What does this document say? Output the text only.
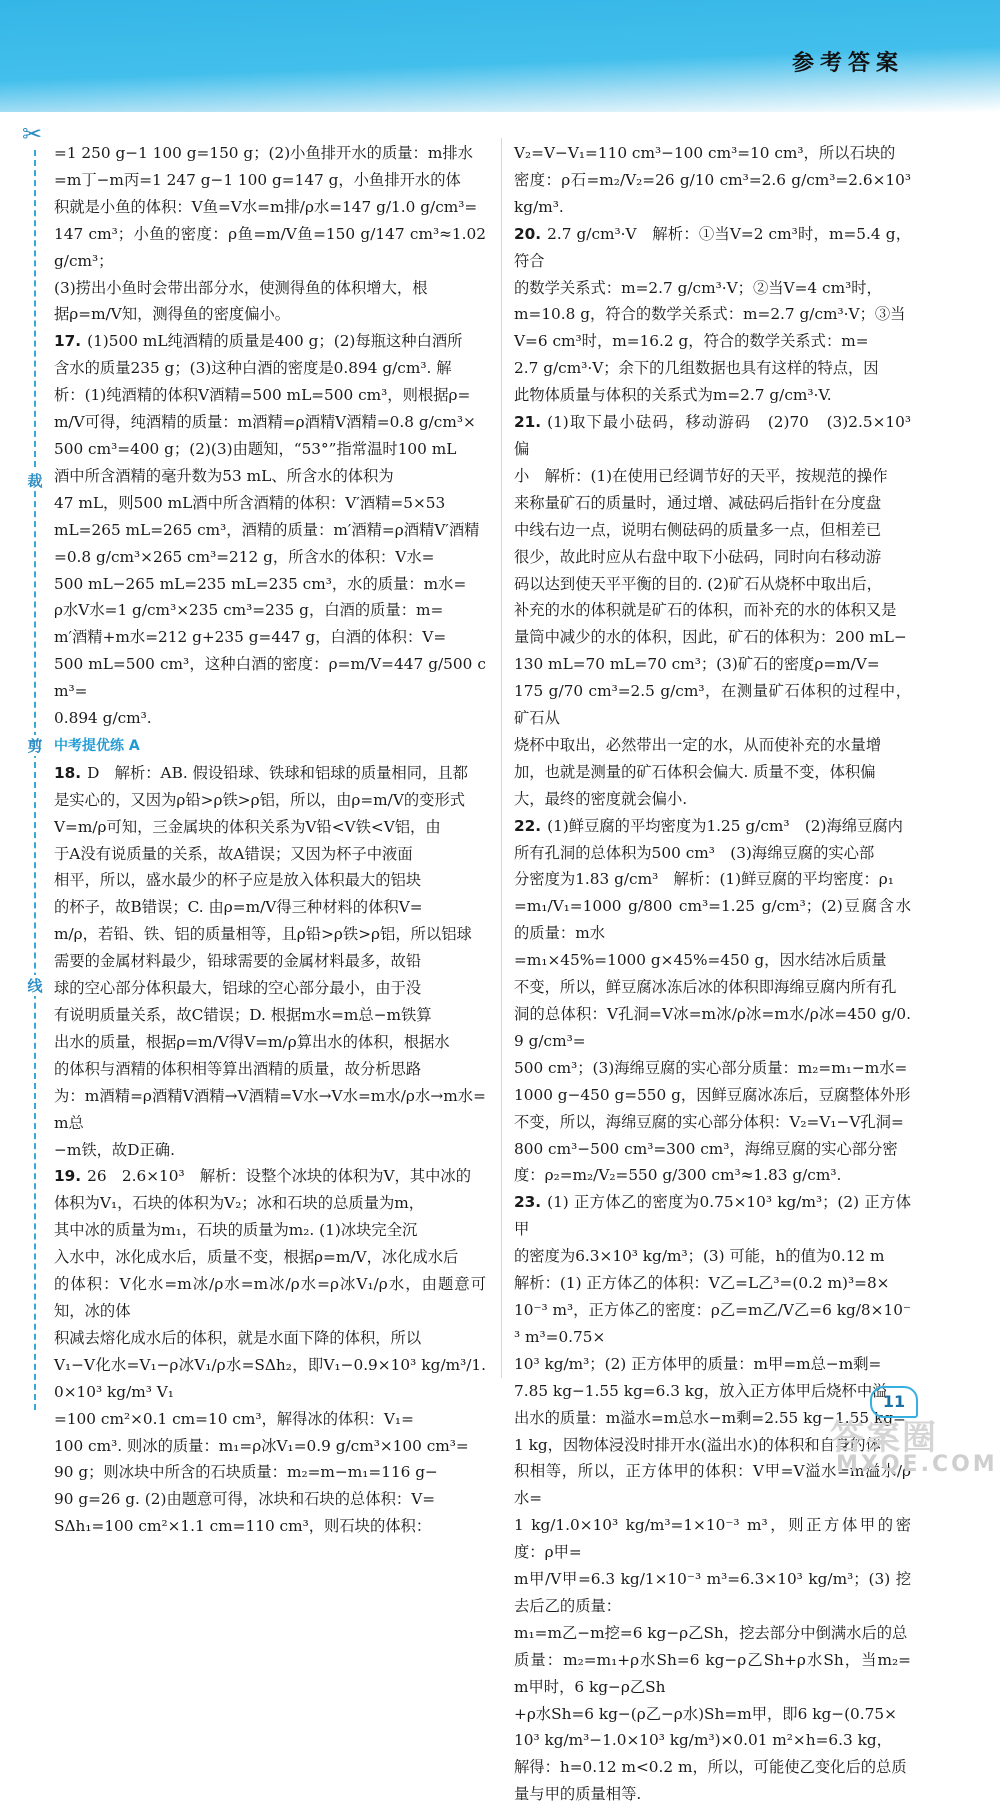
参考答案
✂
裁
剪
线

=1 250 g−1 100 g=150 g；(2)小鱼排开水的质量：m排水

=m丁−m丙=1 247 g−1 100 g=147 g，小鱼排开水的体

积就是小鱼的体积：V鱼=V水=m排/ρ水=147 g/1.0 g/cm³=

147 cm³；小鱼的密度：ρ鱼=m/V鱼=150 g/147 cm³≈1.02 g/cm³；

(3)捞出小鱼时会带出部分水，使测得鱼的体积增大，根

据ρ=m/V知，测得鱼的密度偏小。

17. (1)500 mL纯酒精的质量是400 g；(2)每瓶这种白酒所

含水的质量235 g；(3)这种白酒的密度是0.894 g/cm³. 解

析：(1)纯酒精的体积V酒精=500 mL=500 cm³，则根据ρ=

m/V可得，纯酒精的质量：m酒精=ρ酒精V酒精=0.8 g/cm³×

500 cm³=400 g；(2)(3)由题知，“53°”指常温时100 mL

酒中所含酒精的毫升数为53 mL、所含水的体积为

47 mL，则500 mL酒中所含酒精的体积：V′酒精=5×53

mL=265 mL=265 cm³，酒精的质量：m′酒精=ρ酒精V′酒精

=0.8 g/cm³×265 cm³=212 g，所含水的体积：V水=

500 mL−265 mL=235 mL=235 cm³，水的质量：m水=

ρ水V水=1 g/cm³×235 cm³=235 g，白酒的质量：m=

m′酒精+m水=212 g+235 g=447 g，白酒的体积：V=

500 mL=500 cm³，这种白酒的密度：ρ=m/V=447 g/500 cm³=

0.894 g/cm³.

中考提优练 A

18. D　解析：AB. 假设铅球、铁球和铝球的质量相同，且都

是实心的，又因为ρ铅>ρ铁>ρ铝，所以，由ρ=m/V的变形式

V=m/ρ可知，三金属块的体积关系为V铅<V铁<V铝，由

于A没有说质量的关系，故A错误；又因为杯子中液面

相平，所以，盛水最少的杯子应是放入体积最大的铝块

的杯子，故B错误；C. 由ρ=m/V得三种材料的体积V=

m/ρ，若铅、铁、铝的质量相等，且ρ铅>ρ铁>ρ铝，所以铝球

需要的金属材料最少，铅球需要的金属材料最多，故铅

球的空心部分体积最大，铝球的空心部分最小，由于没

有说明质量关系，故C错误；D. 根据m水=m总−m铁算

出水的质量，根据ρ=m/V得V=m/ρ算出水的体积，根据水

的体积与酒精的体积相等算出酒精的质量，故分析思路

为：m酒精=ρ酒精V酒精→V酒精=V水→V水=m水/ρ水→m水=m总

−m铁，故D正确.

19. 26　2.6×10³　解析：设整个冰块的体积为V，其中冰的

体积为V₁，石块的体积为V₂；冰和石块的总质量为m，

其中冰的质量为m₁，石块的质量为m₂. (1)冰块完全沉

入水中，冰化成水后，质量不变，根据ρ=m/V，冰化成水后

的体积：V化水=m冰/ρ水=m冰/ρ水=ρ冰V₁/ρ水，由题意可知，冰的体

积减去熔化成水后的体积，就是水面下降的体积，所以

V₁−V化水=V₁−ρ冰V₁/ρ水=SΔh₂，即V₁−0.9×10³ kg/m³/1.0×10³ kg/m³ V₁

=100 cm²×0.1 cm=10 cm³，解得冰的体积：V₁=

100 cm³. 则冰的质量：m₁=ρ冰V₁=0.9 g/cm³×100 cm³=

90 g；则冰块中所含的石块质量：m₂=m−m₁=116 g−

90 g=26 g. (2)由题意可得，冰块和石块的总体积：V=

SΔh₁=100 cm²×1.1 cm=110 cm³，则石块的体积：

V₂=V−V₁=110 cm³−100 cm³=10 cm³，所以石块的

密度：ρ石=m₂/V₂=26 g/10 cm³=2.6 g/cm³=2.6×10³ kg/m³.

20. 2.7 g/cm³·V　解析：①当V=2 cm³时，m=5.4 g，符合

的数学关系式：m=2.7 g/cm³·V；②当V=4 cm³时，

m=10.8 g，符合的数学关系式：m=2.7 g/cm³·V；③当

V=6 cm³时，m=16.2 g，符合的数学关系式：m=

2.7 g/cm³·V；余下的几组数据也具有这样的特点，因

此物体质量与体积的关系式为m=2.7 g/cm³·V.

21. (1)取下最小砝码，移动游码　(2)70　(3)2.5×10³　偏

小　解析：(1)在使用已经调节好的天平，按规范的操作

来称量矿石的质量时，通过增、减砝码后指针在分度盘

中线右边一点，说明右侧砝码的质量多一点，但相差已

很少，故此时应从右盘中取下小砝码，同时向右移动游

码以达到使天平平衡的目的. (2)矿石从烧杯中取出后，

补充的水的体积就是矿石的体积，而补充的水的体积又是

量筒中减少的水的体积，因此，矿石的体积为：200 mL−

130 mL=70 mL=70 cm³；(3)矿石的密度ρ=m/V=

175 g/70 cm³=2.5 g/cm³，在测量矿石体积的过程中，矿石从

烧杯中取出，必然带出一定的水，从而使补充的水量增

加，也就是测量的矿石体积会偏大. 质量不变，体积偏

大，最终的密度就会偏小.

22. (1)鲜豆腐的平均密度为1.25 g/cm³　(2)海绵豆腐内

所有孔洞的总体积为500 cm³　(3)海绵豆腐的实心部

分密度为1.83 g/cm³　解析：(1)鲜豆腐的平均密度：ρ₁

=m₁/V₁=1000 g/800 cm³=1.25 g/cm³；(2)豆腐含水的质量：m水

=m₁×45%=1000 g×45%=450 g，因水结冰后质量

不变，所以，鲜豆腐冰冻后冰的体积即海绵豆腐内所有孔

洞的总体积：V孔洞=V冰=m冰/ρ冰=m水/ρ冰=450 g/0.9 g/cm³=

500 cm³；(3)海绵豆腐的实心部分质量：m₂=m₁−m水=

1000 g−450 g=550 g，因鲜豆腐冰冻后，豆腐整体外形

不变，所以，海绵豆腐的实心部分体积：V₂=V₁−V孔洞=

800 cm³−500 cm³=300 cm³，海绵豆腐的实心部分密

度：ρ₂=m₂/V₂=550 g/300 cm³≈1.83 g/cm³.

23. (1) 正方体乙的密度为0.75×10³ kg/m³；(2) 正方体甲

的密度为6.3×10³ kg/m³；(3) 可能，h的值为0.12 m

解析：(1) 正方体乙的体积：V乙=L乙³=(0.2 m)³=8×

10⁻³ m³，正方体乙的密度：ρ乙=m乙/V乙=6 kg/8×10⁻³ m³=0.75×

10³ kg/m³；(2) 正方体甲的质量：m甲=m总−m剩=

7.85 kg−1.55 kg=6.3 kg，放入正方体甲后烧杯中溢

出水的质量：m溢水=m总水−m剩=2.55 kg−1.55 kg=

1 kg，因物体浸没时排开水(溢出水)的体积和自身的体

积相等，所以，正方体甲的体积：V甲=V溢水=m溢水/ρ水=

1 kg/1.0×10³ kg/m³=1×10⁻³ m³，则正方体甲的密度：ρ甲=

m甲/V甲=6.3 kg/1×10⁻³ m³=6.3×10³ kg/m³；(3) 挖去后乙的质量：

m₁=m乙−m挖=6 kg−ρ乙Sh，挖去部分中倒满水后的总

质量：m₂=m₁+ρ水Sh=6 kg−ρ乙Sh+ρ水Sh，当m₂=m甲时，6 kg−ρ乙Sh

+ρ水Sh=6 kg−(ρ乙−ρ水)Sh=m甲，即6 kg−(0.75×

10³ kg/m³−1.0×10³ kg/m³)×0.01 m²×h=6.3 kg，

解得：h=0.12 m<0.2 m，所以，可能使乙变化后的总质

量与甲的质量相等.

答案圈
MXQE.COM
11
